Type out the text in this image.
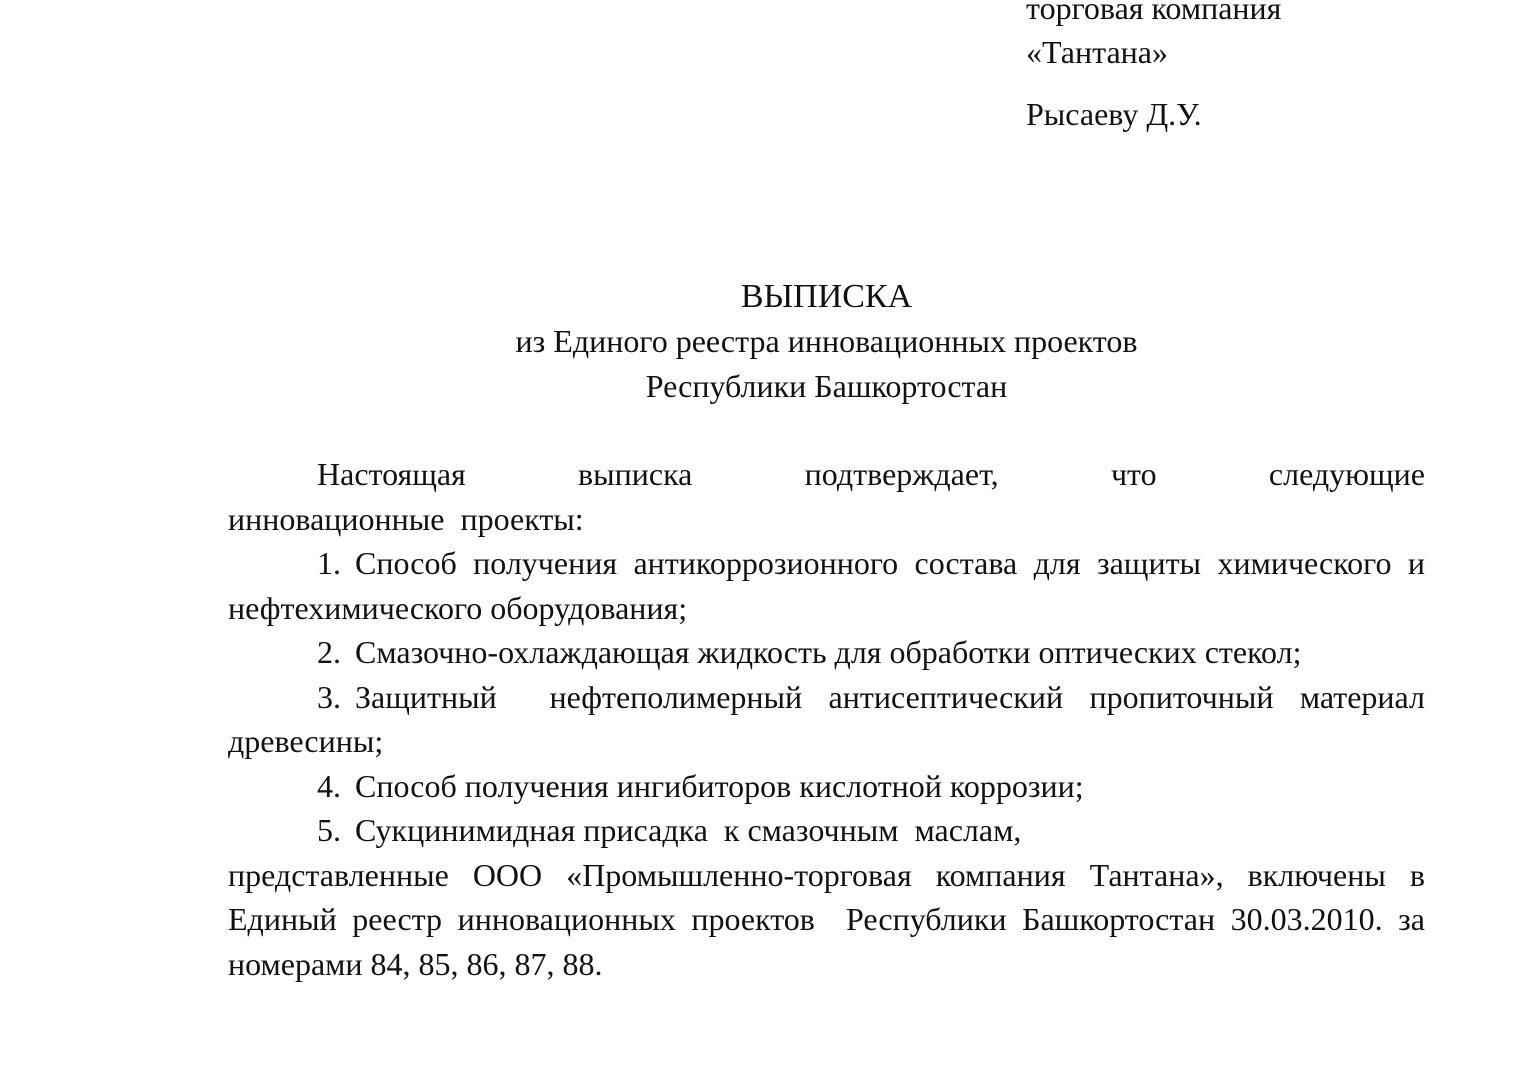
торговая компания
«Тантана»
Рысаеву Д.У.
ВЫПИСКА
из Единого реестра инновационных проектов
Республики Башкортостан
Настоящая	выписка	подтверждает,	что	следующие

инновационные  проекты:

1. Способ получения антикоррозионного состава для защиты химического и нефтехимического оборудования;

2. Смазочно-охлаждающая жидкость для обработки оптических стекол;

3. Защитный  нефтеполимерный антисептический пропиточный материал древесины;

4. Способ получения ингибиторов кислотной коррозии;

5. Сукцинимидная присадка  к смазочным  маслам,

представленные ООО «Промышленно-торговая компания Тантана», включены в Единый реестр инновационных проектов  Республики Башкортостан 30.03.2010. за номерами 84, 85, 86, 87, 88.
